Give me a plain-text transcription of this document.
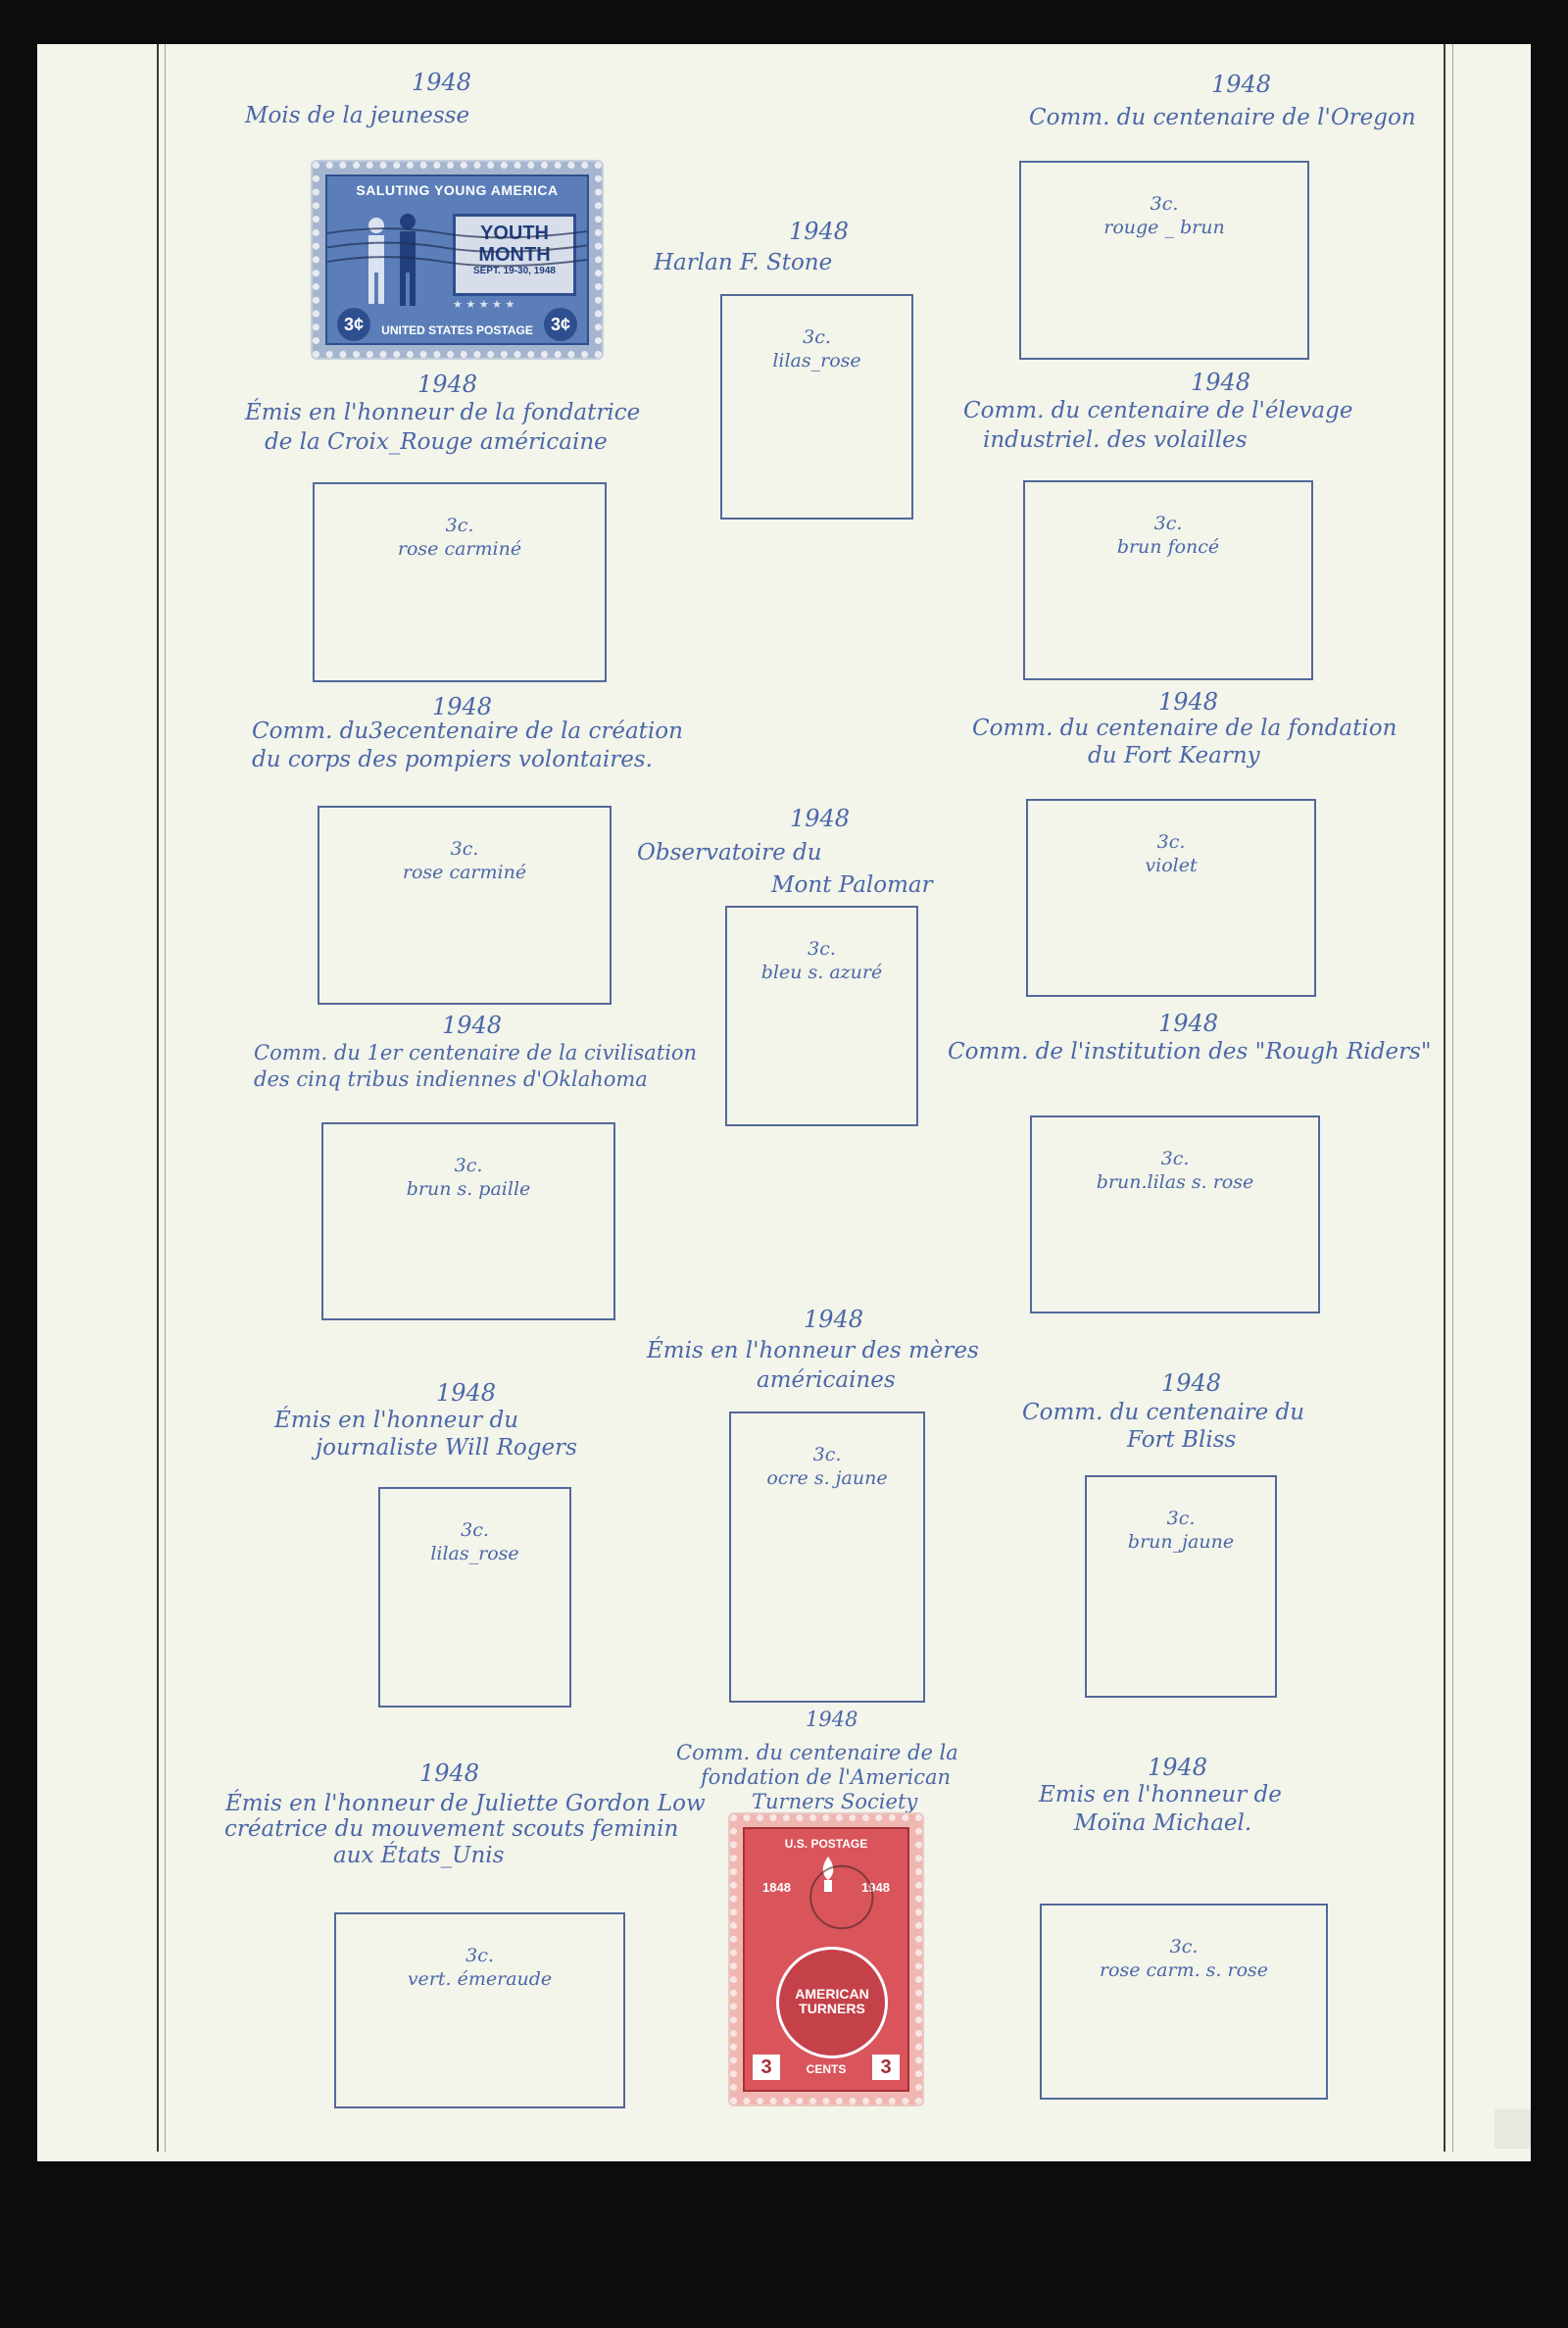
1948
Mois de la jeunesse
SALUTING YOUNG AMERICA
YOUTH
MONTH
SEPT. 19-30, 1948
★ ★ ★ ★ ★
3¢	3¢
UNITED STATES POSTAGE
1948
Comm. du centenaire de l'Oregon
3c.
rouge _ brun
1948
Harlan F. Stone
3c.
lilas_rose
1948
Émis en l'honneur de la fondatrice
de la Croix_Rouge américaine
3c.
rose carminé
1948
Comm. du centenaire de l'élevage
industriel. des volailles
3c.
brun foncé
1948
Comm. du3ecentenaire de la création
du corps des pompiers volontaires.
3c.
rose carminé
1948
Comm. du centenaire de la fondation
du Fort Kearny
3c.
violet
1948
Observatoire du
Mont Palomar
3c.
bleu s. azuré
1948
Comm. du 1er centenaire de la civilisation
des cinq tribus indiennes d'Oklahoma
3c.
brun s. paille
1948
Comm. de l'institution des "Rough Riders"
3c.
brun.lilas s. rose
1948
Émis en l'honneur des mères
américaines
3c.
ocre s. jaune
1948
Émis en l'honneur du
journaliste Will Rogers
3c.
lilas_rose
1948
Comm. du centenaire du
Fort Bliss
3c.
brun_jaune
1948
Comm. du centenaire de la
fondation de l'American
Turners Society
U.S. POSTAGE
1848	1948
AMERICAN
TURNERS
3	3
CENTS
1948
Émis en l'honneur de Juliette Gordon Low
créatrice du mouvement scouts feminin
aux États_Unis
3c.
vert. émeraude
1948
Emis en l'honneur de
Moïna Michael.
3c.
rose carm. s. rose
